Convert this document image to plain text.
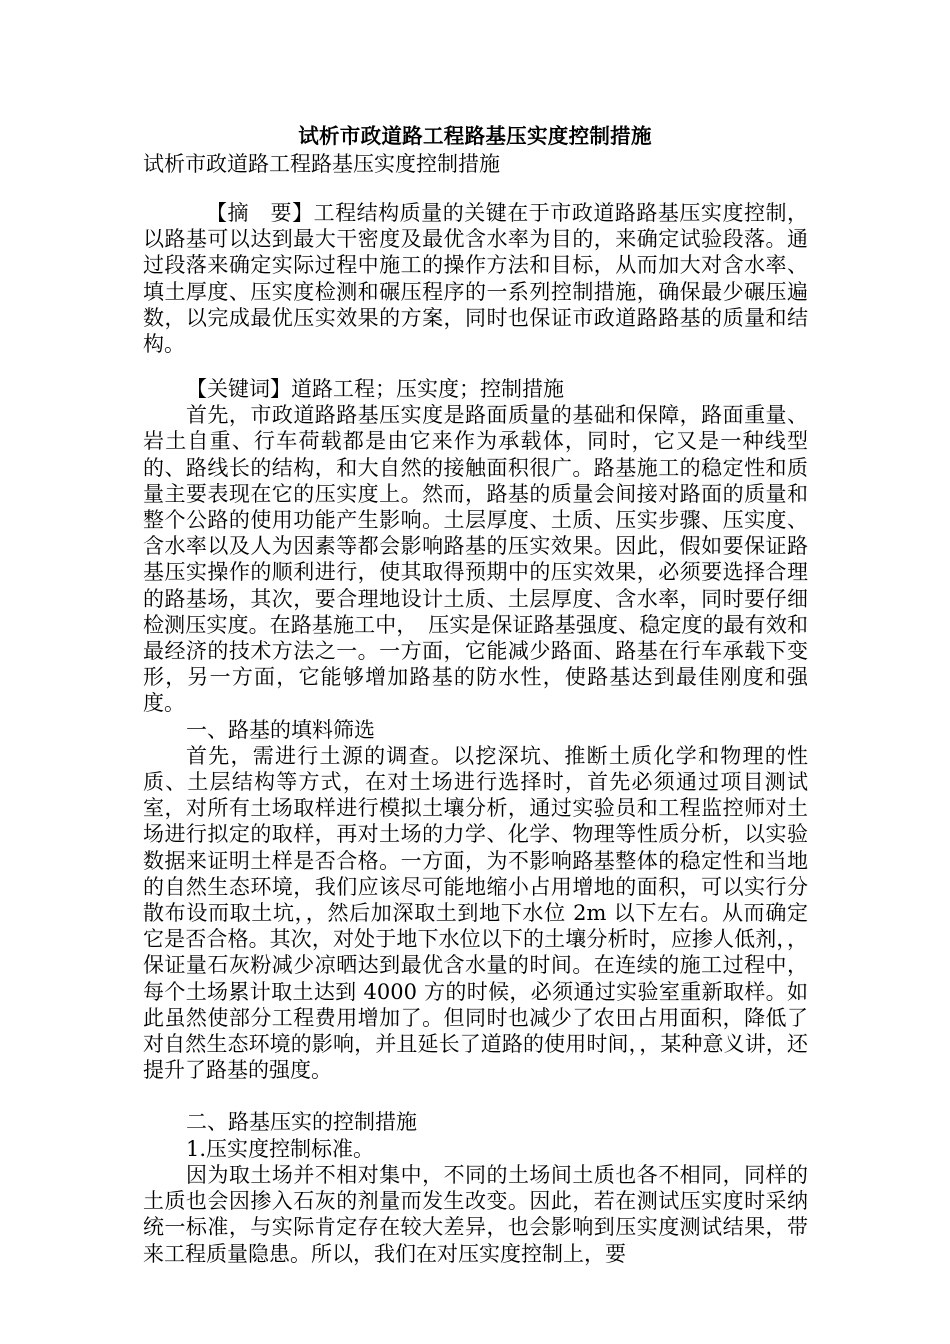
试析市政道路工程路基压实度控制措施
试析市政道路工程路基压实度控制措施
【摘　要】工程结构质量的关键在于市政道路路基压实度控制，以路基可以达到最大干密度及最优含水率为目的，来确定试验段落。通过段落来确定实际过程中施工的操作方法和目标，从而加大对含水率、填土厚度、压实度检测和碾压程序的一系列控制措施，确保最少碾压遍数，以完成最优压实效果的方案，同时也保证市政道路路基的质量和结构。

【关键词】道路工程；压实度；控制措施

首先，市政道路路基压实度是路面质量的基础和保障，路面重量、岩土自重、行车荷载都是由它来作为承载体，同时，它又是一种线型的、路线长的结构，和大自然的接触面积很广。路基施工的稳定性和质量主要表现在它的压实度上。然而，路基的质量会间接对路面的质量和整个公路的使用功能产生影响。土层厚度、土质、压实步骤、压实度、含水率以及人为因素等都会影响路基的压实效果。因此，假如要保证路基压实操作的顺利进行，使其取得预期中的压实效果，必须要选择合理的路基场，其次，要合理地设计土质、土层厚度、含水率，同时要仔细检测压实度。在路基施工中，　压实是保证路基强度、稳定度的最有效和最经济的技术方法之一。一方面，它能减少路面、路基在行车承载下变形，另一方面，它能够增加路基的防水性，使路基达到最佳刚度和强度。

一、路基的填料筛选

首先，需进行土源的调查。以挖深坑、推断土质化学和物理的性质、土层结构等方式，在对土场进行选择时，首先必须通过项目测试室，对所有土场取样进行模拟土壤分析，通过实验员和工程监控师对土场进行拟定的取样，再对土场的力学、化学、物理等性质分析，以实验数据来证明土样是否合格。一方面，为不影响路基整体的稳定性和当地的自然生态环境，我们应该尽可能地缩小占用增地的面积，可以实行分散布设而取土坑，，然后加深取土到地下水位 2m 以下左右。从而确定它是否合格。其次，对处于地下水位以下的土壤分析时，应掺人低剂，，保证量石灰粉减少凉晒达到最优含水量的时间。在连续的施工过程中，每个土场累计取土达到 4000 方的时候，必须通过实验室重新取样。如此虽然使部分工程费用增加了。但同时也减少了农田占用面积，降低了对自然生态环境的影响，并且延长了道路的使用时间，，某种意义讲，还提升了路基的强度。

二、路基压实的控制措施

1.压实度控制标准。

因为取土场并不相对集中，不同的土场间土质也各不相同，同样的土质也会因掺入石灰的剂量而发生改变。因此，若在测试压实度时采纳统一标准，与实际肯定存在较大差异，也会影响到压实度测试结果，带来工程质量隐患。所以，我们在对压实度控制上，要
